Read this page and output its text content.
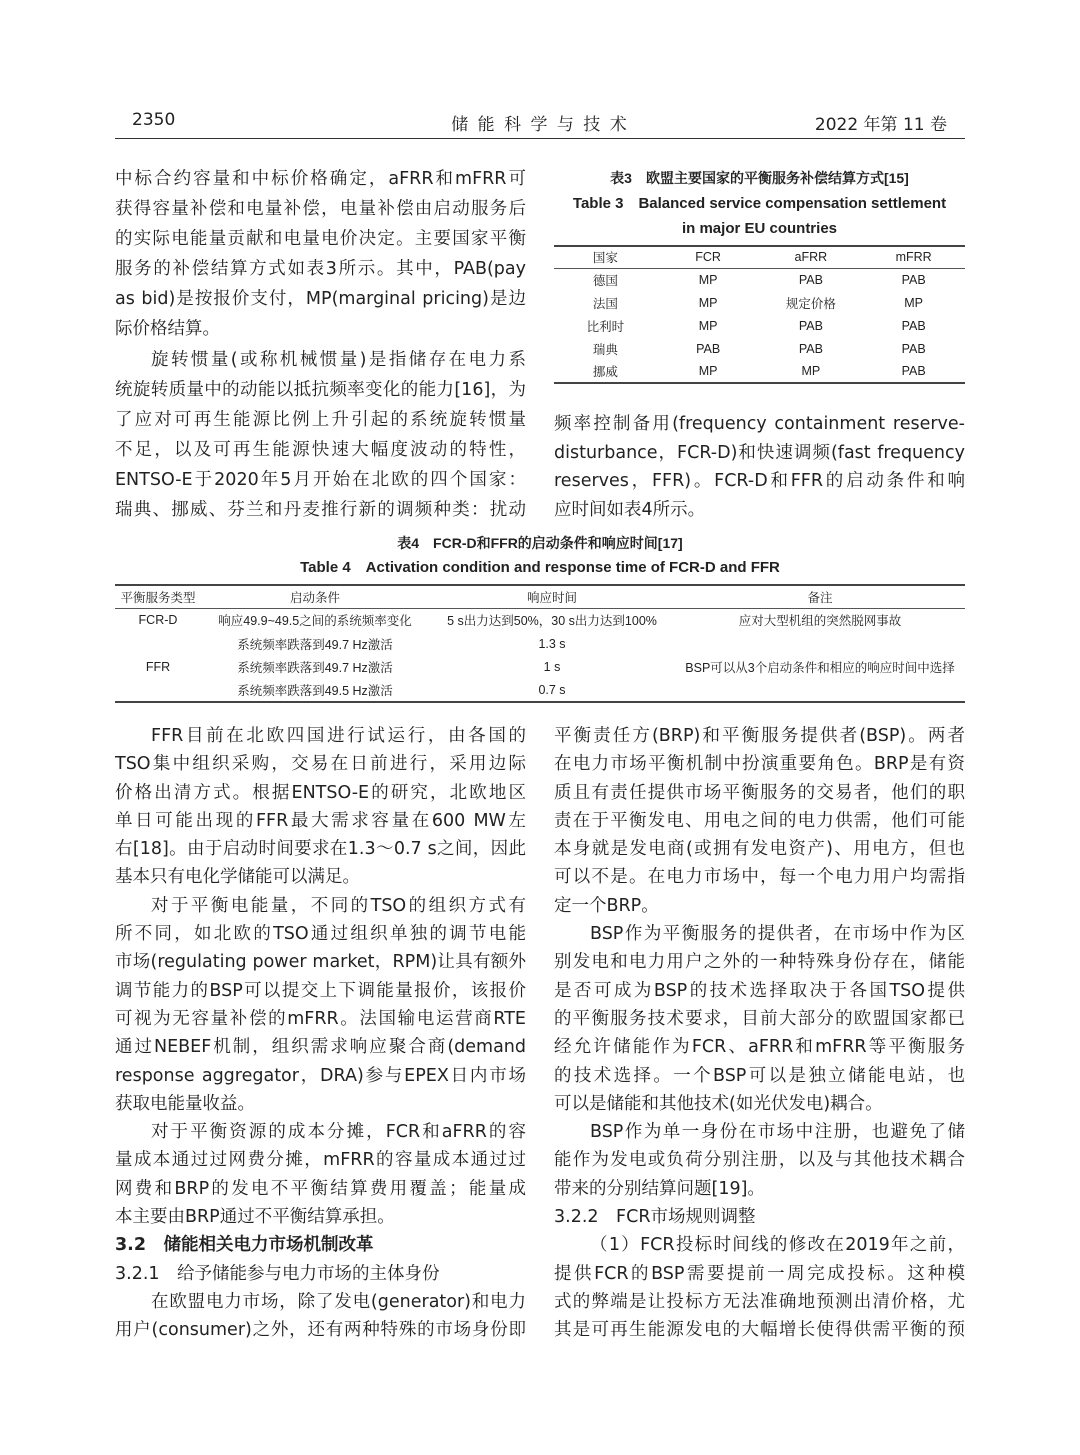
2350	储 能 科 学 与 技 术	2022 年第 11 卷
中标合约容量和中标价格确定，aFRR和mFRR可
获得容量补偿和电量补偿，电量补偿由启动服务后
的实际电能量贡献和电量电价决定。主要国家平衡
服务的补偿结算方式如表3所示。其中，PAB(pay
as bid)是按报价支付，MP(marginal pricing)是边
际价格结算。
旋转惯量(或称机械惯量)是指储存在电力系
统旋转质量中的动能以抵抗频率变化的能力[16]，为
了应对可再生能源比例上升引起的系统旋转惯量
不足，以及可再生能源快速大幅度波动的特性，
ENTSO-E于2020年5月开始在北欧的四个国家：
瑞典、挪威、芬兰和丹麦推行新的调频种类：扰动
频率控制备用(frequency containment reserve-
disturbance，FCR-D)和快速调频(fast frequency
reserves，FFR)。FCR-D和FFR的启动条件和响
应时间如表4所示。
FFR目前在北欧四国进行试运行，由各国的
TSO集中组织采购，交易在日前进行，采用边际
价格出清方式。根据ENTSO-E的研究，北欧地区
单日可能出现的FFR最大需求容量在600 MW左
右[18]。由于启动时间要求在1.3～0.7 s之间，因此
基本只有电化学储能可以满足。
对于平衡电能量，不同的TSO的组织方式有
所不同，如北欧的TSO通过组织单独的调节电能
市场(regulating power market，RPM)让具有额外
调节能力的BSP可以提交上下调能量报价，该报价
可视为无容量补偿的mFRR。法国输电运营商RTE
通过NEBEF机制，组织需求响应聚合商(demand
response aggregator，DRA)参与EPEX日内市场
获取电能量收益。
对于平衡资源的成本分摊，FCR和aFRR的容
量成本通过过网费分摊，mFRR的容量成本通过过
网费和BRP的发电不平衡结算费用覆盖；能量成
本主要由BRP通过不平衡结算承担。
3.2　储能相关电力市场机制改革
3.2.1　给予储能参与电力市场的主体身份
在欧盟电力市场，除了发电(generator)和电力
用户(consumer)之外，还有两种特殊的市场身份即
平衡责任方(BRP)和平衡服务提供者(BSP)。两者
在电力市场平衡机制中扮演重要角色。BRP是有资
质且有责任提供市场平衡服务的交易者，他们的职
责在于平衡发电、用电之间的电力供需，他们可能
本身就是发电商(或拥有发电资产)、用电方，但也
可以不是。在电力市场中，每一个电力用户均需指
定一个BRP。
BSP作为平衡服务的提供者，在市场中作为区
别发电和电力用户之外的一种特殊身份存在，储能
是否可成为BSP的技术选择取决于各国TSO提供
的平衡服务技术要求，目前大部分的欧盟国家都已
经允许储能作为FCR、aFRR和mFRR等平衡服务
的技术选择。一个BSP可以是独立储能电站，也
可以是储能和其他技术(如光伏发电)耦合。
BSP作为单一身份在市场中注册，也避免了储
能作为发电或负荷分别注册，以及与其他技术耦合
带来的分别结算问题[19]。
3.2.2　FCR市场规则调整
（1）FCR投标时间线的修改在2019年之前，
提供FCR的BSP需要提前一周完成投标。这种模
式的弊端是让投标方无法准确地预测出清价格，尤
其是可再生能源发电的大幅增长使得供需平衡的预
表3　欧盟主要国家的平衡服务补偿结算方式[15]
Table 3　Balanced service compensation settlement
in major EU countries
国家	FCR	aFRR	mFRR
德国	MP	PAB	PAB
法国	MP	规定价格	MP
比利时	MP	PAB	PAB
瑞典	PAB	PAB	PAB
挪威	MP	MP	PAB
表4　FCR-D和FFR的启动条件和响应时间[17]
Table 4　Activation condition and response time of FCR-D and FFR
平衡服务类型	启动条件	响应时间	备注
FCR-D	响应49.9~49.5之间的系统频率变化	5 s出力达到50%，30 s出力达到100%	应对大型机组的突然脱网事故
FFR	系统频率跌落到49.7 Hz激活	1.3 s	BSP可以从3个启动条件和相应的响应时间中选择
	系统频率跌落到49.7 Hz激活	1 s	
	系统频率跌落到49.5 Hz激活	0.7 s	
